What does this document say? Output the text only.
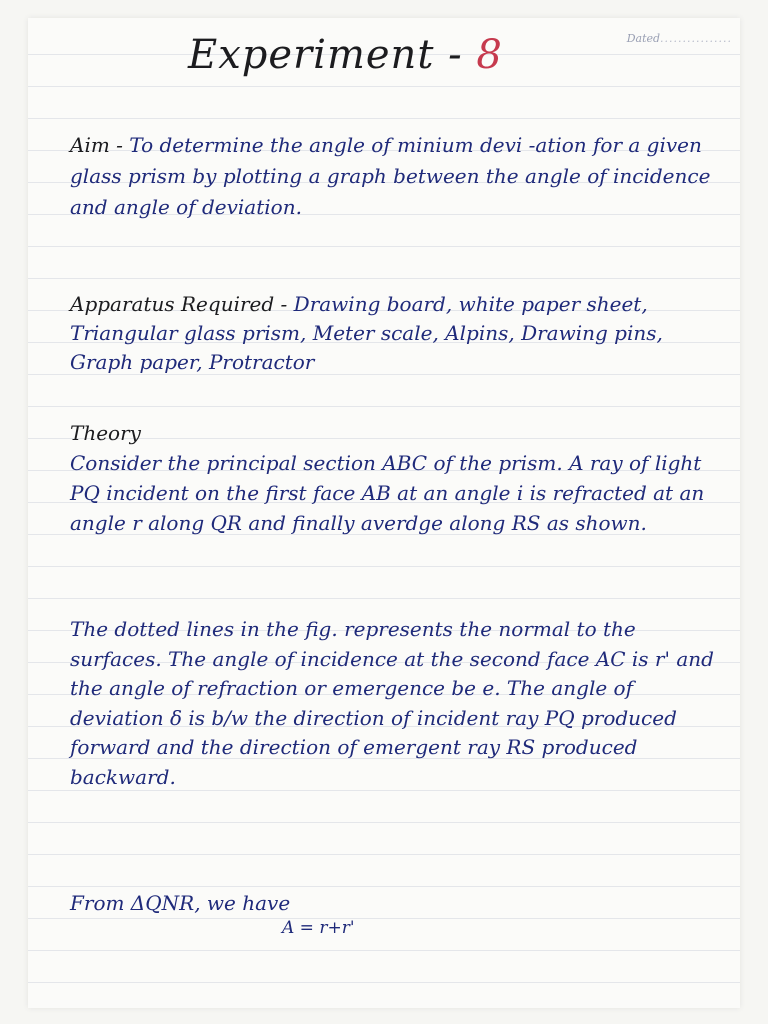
Dated................
Experiment - 8
Aim - To determine the angle of minium devi -ation for a given glass prism by plotting a graph between the angle of incidence and angle of deviation.
Apparatus Required - Drawing board, white paper sheet, Triangular glass prism, Meter scale, Alpins, Drawing pins, Graph paper, Protractor
Theory
Consider the principal section ABC of the prism. A ray of light PQ incident on the first face AB at an angle i is refracted at an angle r along QR and finally averdge along RS as shown.
The dotted lines in the fig. represents the normal to the surfaces. The angle of incidence at the second face AC is r' and the angle of refraction or emergence be e. The angle of deviation δ is b/w the direction of incident ray PQ produced forward and the direction of emergent ray RS produced backward.
From ΔQNR, we have
A = r+r'
